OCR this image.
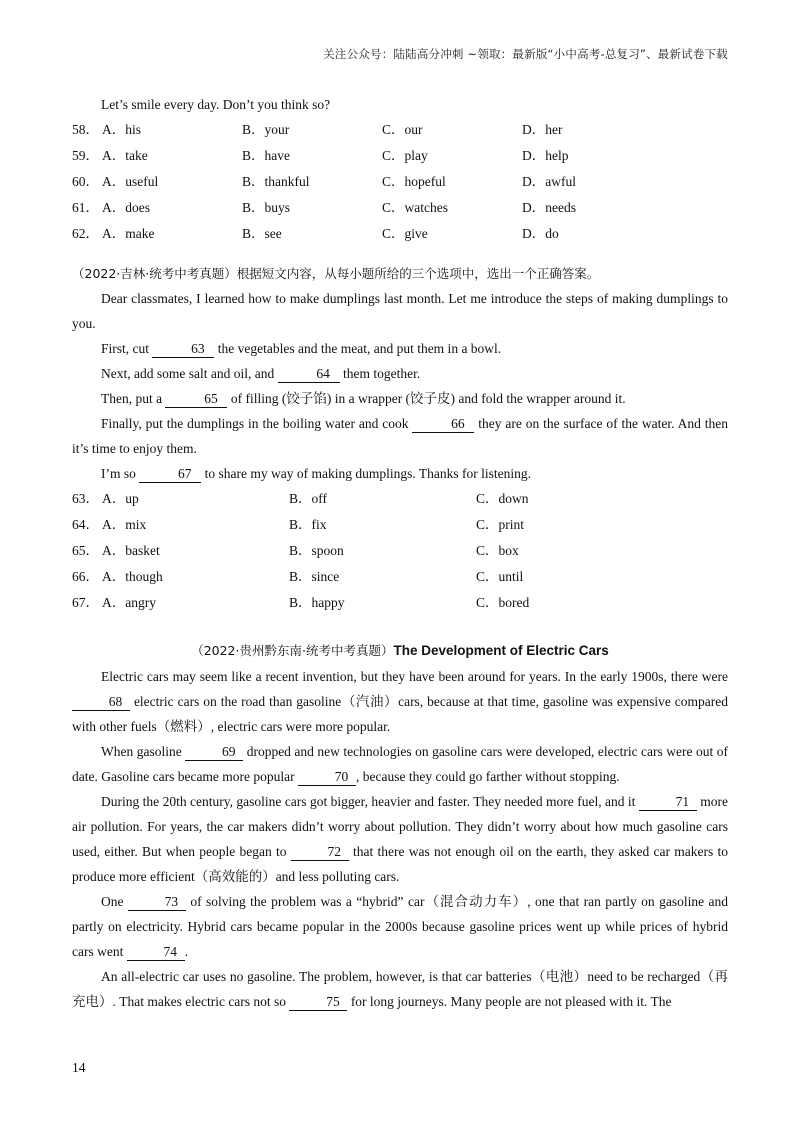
关注公众号：陆陆高分冲刺 ~领取：最新版“小中高考-总复习”、最新试卷下载

Let’s smile every day. Don’t you think so?

58． A．his	B．your	C．our	D．her
59． A．take	B．have	C．play	D．help
60． A．useful	B．thankful	C．hopeful	D．awful
61． A．does	B．buys	C．watches	D．needs
62． A．make	B．see	C．give	D．do

（2022·吉林·统考中考真题）根据短文内容，从每小题所给的三个选项中，选出一个正确答案。

Dear classmates, I learned how to make dumplings last month. Let me introduce the steps of making dumplings to you.

First, cut	63 the vegetables and the meat, and put them in a bowl.

Next, add some salt and oil, and	64 them together.

Then, put a	65 of filling (饺子馅) in a wrapper (饺子皮) and fold the wrapper around it.

Finally, put the dumplings in the boiling water and cook	66 they are on the surface of the water. And then it’s time to enjoy them.

I’m so	67 to share my way of making dumplings. Thanks for listening.

63． A．up	B．off	C．down
64． A．mix	B．fix	C．print
65． A．basket	B．spoon	C．box
66． A．though	B．since	C．until
67． A．angry	B．happy	C．bored
（2022·贵州黔东南·统考中考真题）The Development of Electric Cars

Electric cars may seem like a recent invention, but they have been around for years. In the early 1900s, there were 68 electric cars on the road than gasoline（汽油）cars, because at that time, gasoline was expensive compared with other fuels（燃料）, electric cars were more popular.

When gasoline	69 dropped and new technologies on gasoline cars were developed, electric cars were out of date. Gasoline cars became more popular	70 , because they could go farther without stopping.

During the 20th century, gasoline cars got bigger, heavier and faster. They needed more fuel, and it	71 more air pollution. For years, the car makers didn’t worry about pollution. They didn’t worry about how much gasoline cars used, either. But when people began to	72 that there was not enough oil on the earth, they asked car makers to produce more efficient（高效能的）and less polluting cars.

One	73 of solving the problem was a “hybrid” car（混合动力车）, one that ran partly on gasoline and partly on electricity. Hybrid cars became popular in the 2000s because gasoline prices went up while prices of hybrid cars went	74 .

An all-electric car uses no gasoline. The problem, however, is that car batteries（电池）need to be recharged（再充电）. That makes electric cars not so	75 for long journeys. Many people are not pleased with it. The

14
